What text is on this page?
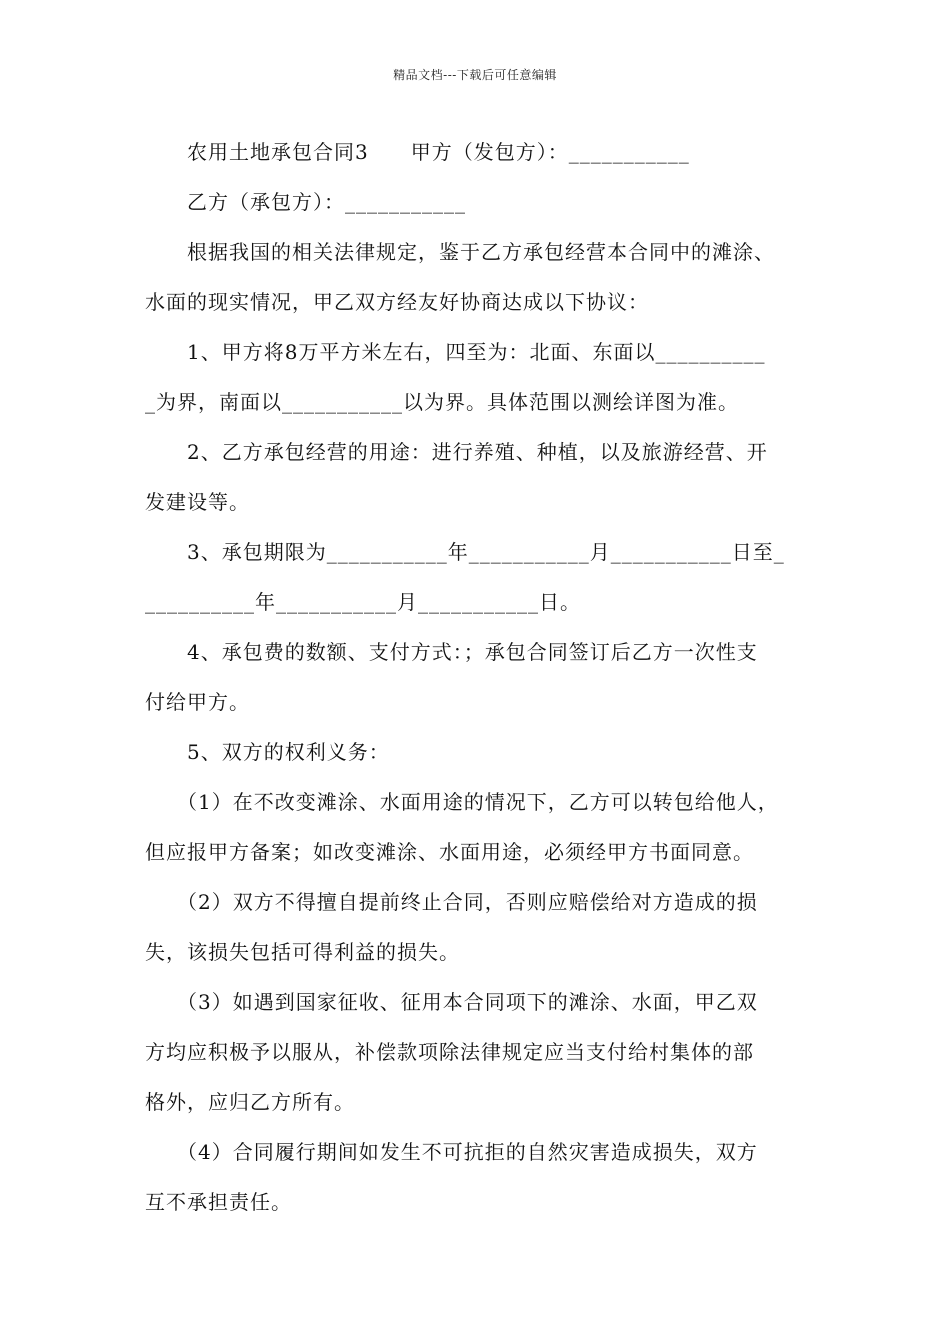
精品文档---下载后可任意编辑
　　农用土地承包合同3　　甲方（发包方）：___________
　　乙方（承包方）：___________
　　根据我国的相关法律规定，鉴于乙方承包经营本合同中的滩涂、
水面的现实情况，甲乙双方经友好协商达成以下协议：
　　1、甲方将8万平方米左右，四至为：北面、东面以__________
_为界，南面以___________以为界。具体范围以测绘详图为准。
　　2、乙方承包经营的用途：进行养殖、种植，以及旅游经营、开
发建设等。
　　3、承包期限为___________年___________月___________日至_
__________年___________月___________日。
　　4、承包费的数额、支付方式：；承包合同签订后乙方一次性支
付给甲方。
　　5、双方的权利义务：
　　（1）在不改变滩涂、水面用途的情况下，乙方可以转包给他人，
但应报甲方备案；如改变滩涂、水面用途，必须经甲方书面同意。
　　（2）双方不得擅自提前终止合同，否则应赔偿给对方造成的损
失，该损失包括可得利益的损失。
　　（3）如遇到国家征收、征用本合同项下的滩涂、水面，甲乙双
方均应积极予以服从，补偿款项除法律规定应当支付给村集体的部
格外，应归乙方所有。
　　（4）合同履行期间如发生不可抗拒的自然灾害造成损失，双方
互不承担责任。
